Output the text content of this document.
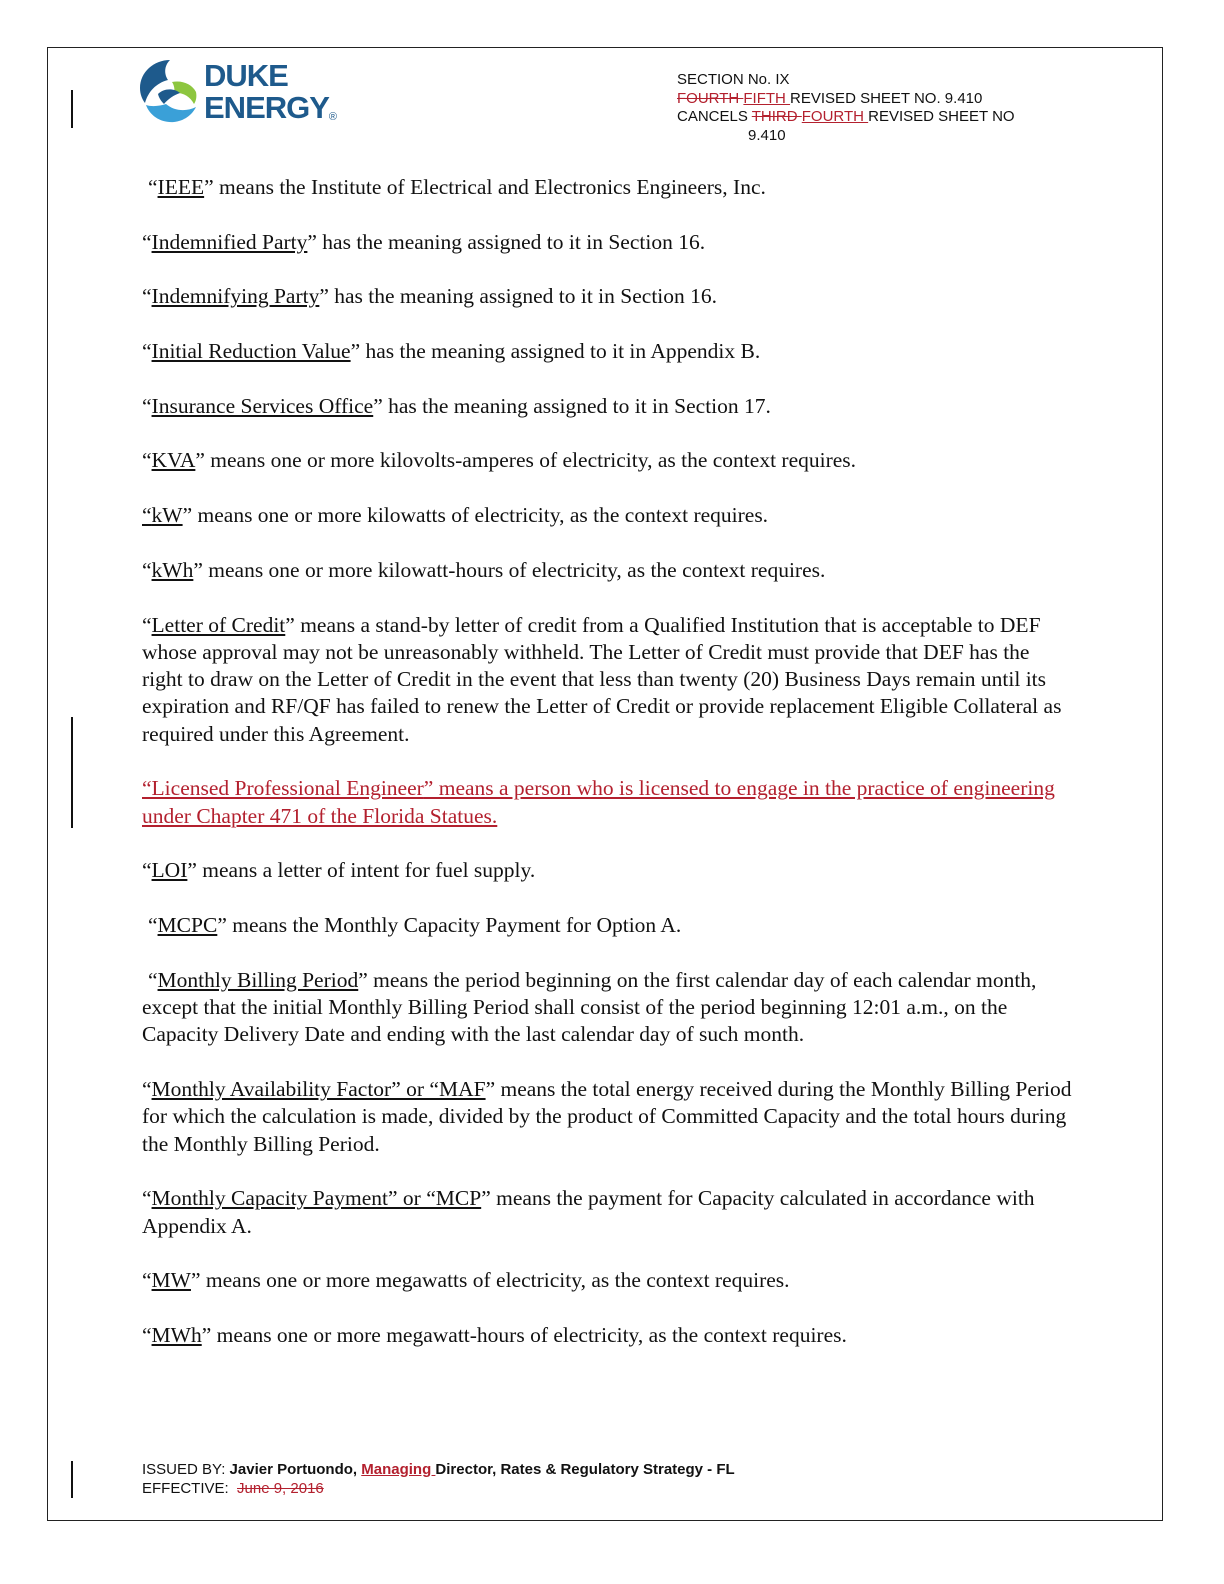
DUKE
ENERGY®
SECTION No. IX
FOURTH FIFTH REVISED SHEET NO. 9.410
CANCELS THIRD FOURTH REVISED SHEET NO
9.410

“IEEE” means the Institute of Electrical and Electronics Engineers, Inc.

“Indemnified Party” has the meaning assigned to it in Section 16.

“Indemnifying Party” has the meaning assigned to it in Section 16.

“Initial Reduction Value” has the meaning assigned to it in Appendix B.

“Insurance Services Office” has the meaning assigned to it in Section 17.

“KVA” means one or more kilovolts-amperes of electricity, as the context requires.

“kW” means one or more kilowatts of electricity, as the context requires.

“kWh” means one or more kilowatt-hours of electricity, as the context requires.

“Letter of Credit” means a stand-by letter of credit from a Qualified Institution that is acceptable to DEF whose approval may not be unreasonably withheld. The Letter of Credit must provide that DEF has the right to draw on the Letter of Credit in the event that less than twenty (20) Business Days remain until its expiration and RF/QF has failed to renew the Letter of Credit or provide replacement Eligible Collateral as required under this Agreement.

“Licensed Professional Engineer” means a person who is licensed to engage in the practice of engineering under Chapter 471 of the Florida Statues.

“LOI” means a letter of intent for fuel supply.

“MCPC” means the Monthly Capacity Payment for Option A.

“Monthly Billing Period” means the period beginning on the first calendar day of each calendar month, except that the initial Monthly Billing Period shall consist of the period beginning 12:01 a.m., on the Capacity Delivery Date and ending with the last calendar day of such month.

“Monthly Availability Factor” or “MAF” means the total energy received during the Monthly Billing Period for which the calculation is made, divided by the product of Committed Capacity and the total hours during the Monthly Billing Period.

“Monthly Capacity Payment” or “MCP” means the payment for Capacity calculated in accordance with Appendix A.

“MW” means one or more megawatts of electricity, as the context requires.

“MWh” means one or more megawatt-hours of electricity, as the context requires.

ISSUED BY: Javier Portuondo, Managing Director, Rates & Regulatory Strategy - FL
EFFECTIVE:  June 9, 2016
